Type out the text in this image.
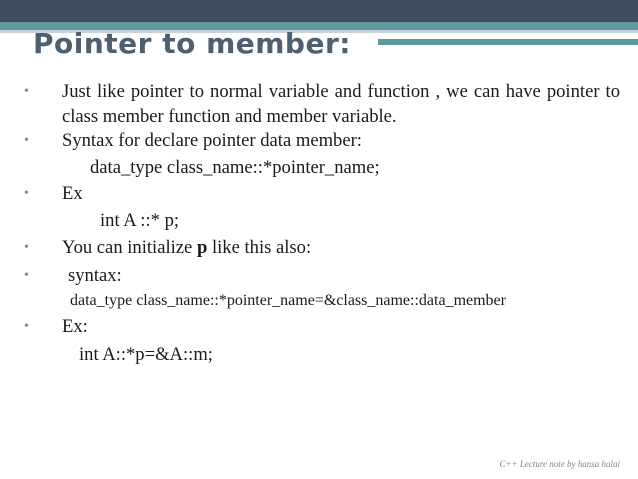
Pointer to member:
•	Just like pointer to normal variable and function , we can have pointer to class member function and member variable.
•	Syntax for declare pointer data member:
data_type class_name::*pointer_name;
•	Ex
int A ::* p;
•	You can initialize p like this also:
•	syntax:
data_type class_name::*pointer_name=&class_name::data_member
•	Ex:
int A::*p=&A::m;
C++ Lecture note by hansa halai
